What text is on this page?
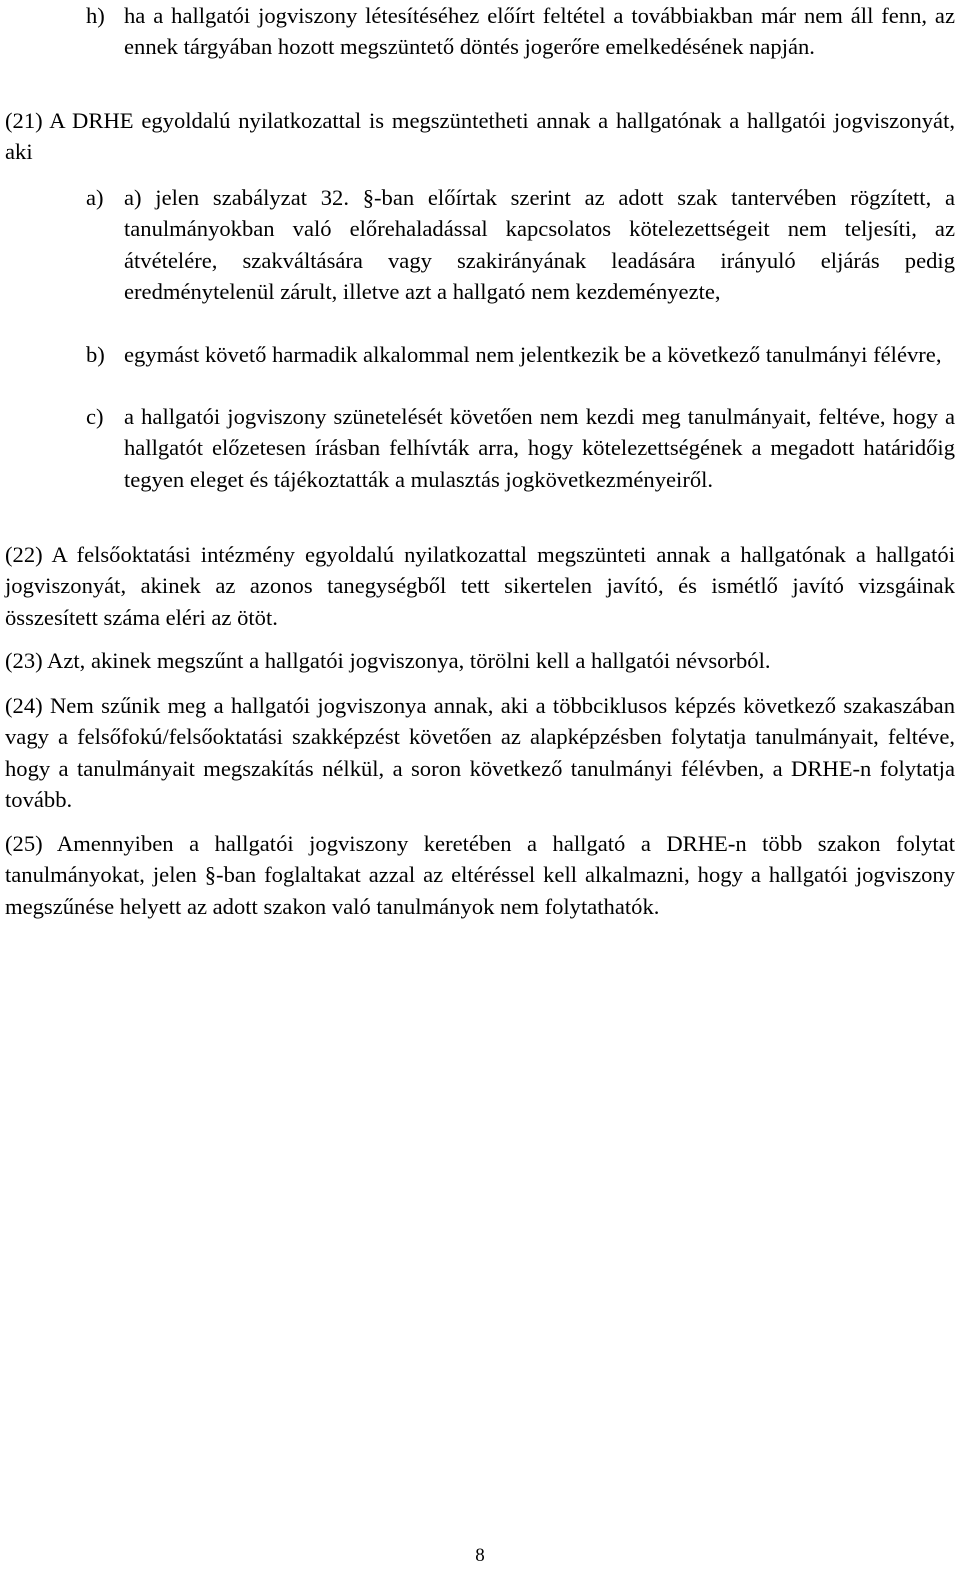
h) ha a hallgatói jogviszony létesítéséhez előírt feltétel a továbbiakban már nem áll fenn, az ennek tárgyában hozott megszüntető döntés jogerőre emelkedésének napján.

(21) A DRHE egyoldalú nyilatkozattal is megszüntetheti annak a hallgatónak a hallgatói jogviszonyát, aki

a) a) jelen szabályzat 32. §-ban előírtak szerint az adott szak tantervében rögzített, a tanulmányokban való előrehaladással kapcsolatos kötelezettségeit nem teljesíti, az átvételére, szakváltására vagy szakirányának leadására irányuló eljárás pedig eredménytelenül zárult, illetve azt a hallgató nem kezdeményezte,
b) egymást követő harmadik alkalommal nem jelentkezik be a következő tanulmányi félévre,
c) a hallgatói jogviszony szünetelését követően nem kezdi meg tanulmányait, feltéve, hogy a hallgatót előzetesen írásban felhívták arra, hogy kötelezettségének a megadott határidőig tegyen eleget és tájékoztatták a mulasztás jogkövetkezményeiről.

(22) A felsőoktatási intézmény egyoldalú nyilatkozattal megszünteti annak a hallgatónak a hallgatói jogviszonyát, akinek az azonos tanegységből tett sikertelen javító, és ismétlő javító vizsgáinak összesített száma eléri az ötöt.

(23) Azt, akinek megszűnt a hallgatói jogviszonya, törölni kell a hallgatói névsorból.

(24) Nem szűnik meg a hallgatói jogviszonya annak, aki a többciklusos képzés következő szakaszában vagy a felsőfokú/felsőoktatási szakképzést követően az alapképzésben folytatja tanulmányait, feltéve, hogy a tanulmányait megszakítás nélkül, a soron következő tanulmányi félévben, a DRHE-n folytatja tovább.

(25) Amennyiben a hallgatói jogviszony keretében a hallgató a DRHE-n több szakon folytat tanulmányokat, jelen §-ban foglaltakat azzal az eltéréssel kell alkalmazni, hogy a hallgatói jogviszony megszűnése helyett az adott szakon való tanulmányok nem folytathatók.

8
